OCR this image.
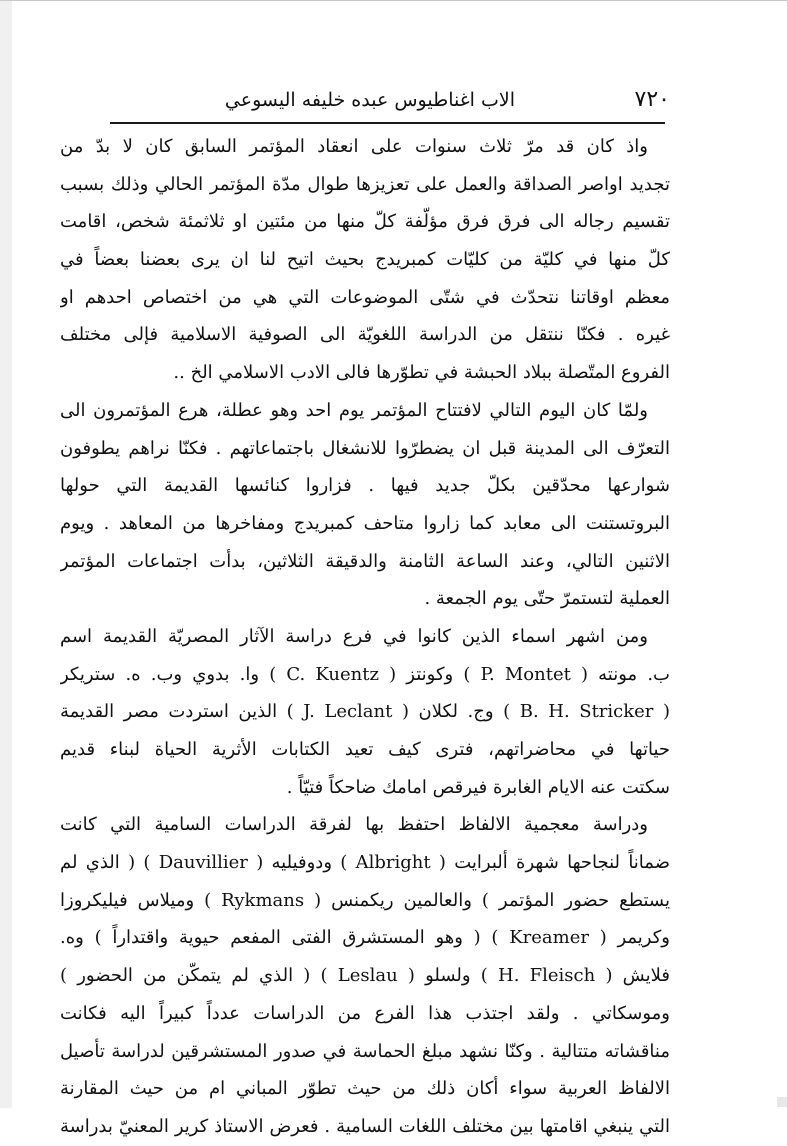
٧٢٠
الاب اغناطيوس عبده خليفه اليسوعي
واذ كان قد مرّ ثلاث سنوات على انعقاد المؤتمر السابق كان لا بدّ من
تجديد اواصر الصداقة والعمل على تعزيزها طوال مدّة المؤتمر الحالي وذلك بسبب
تقسيم رجاله الى فرق فرق مؤلّفة كلّ منها من مئتين او ثلاثمئة شخص، اقامت
كلّ منها في كليّة من كليّات كمبريدج بحيث اتيح لنا ان يرى بعضنا بعضاً في
معظم اوقاتنا نتحدّث في شتّى الموضوعات التي هي من اختصاص احدهم او
غيره . فكنّا ننتقل من الدراسة اللغويّة الى الصوفية الاسلامية فإلى مختلف
الفروع المتّصلة ببلاد الحبشة في تطوّرها فالى الادب الاسلامي الخ ..
ولمّا كان اليوم التالي لافتتاح المؤتمر يوم احد وهو عطلة، هرع المؤتمرون الى
التعرّف الى المدينة قبل ان يضطرّوا للانشغال باجتماعاتهم . فكنّا نراهم يطوفون
شوارعها محدّقين بكلّ جديد فيها . فزاروا كنائسها القديمة التي حولها
البروتستنت الى معابد كما زاروا متاحف كمبريدج ومفاخرها من المعاهد . ويوم
الاثنين التالي، وعند الساعة الثامنة والدقيقة الثلاثين، بدأت اجتماعات المؤتمر
العملية لتستمرّ حتّى يوم الجمعة .
ومن اشهر اسماء الذين كانوا في فرع دراسة الآثار المصريّة القديمة اسم
ب. مونته ( P. Montet ) وكونتز ( C. Kuentz ) وا. بدوي وب. ه. ستريكر
( B. H. Stricker ) وج. لكلان ( J. Leclant ) الذين استردت مصر القديمة
حياتها في محاضراتهم، فترى كيف تعيد الكتابات الأثرية الحياة لبناء قديم
سكتت عنه الايام الغابرة فيرقص امامك ضاحكاً فتيّاً .
ودراسة معجمية الالفاظ احتفظ بها لفرقة الدراسات السامية التي كانت
ضماناً لنجاحها شهرة ألبرايت ( Albright ) ودوفيليه ( Dauvillier ) ( الذي لم
يستطع حضور المؤتمر ) والعالمين ريكمنس ( Rykmans ) وميلاس فيليكروزا
وكريمر ( Kreamer ) ( وهو المستشرق الفتى المفعم حيوية واقتداراً ) وه.
فلايش ( H. Fleisch ) ولسلو ( Leslau ) ( الذي لم يتمكّن من الحضور )
وموسكاتي . ولقد اجتذب هذا الفرع من الدراسات عدداً كبيراً اليه فكانت
مناقشاته متتالية . وكنّا نشهد مبلغ الحماسة في صدور المستشرقين لدراسة تأصيل
الالفاظ العربية سواء أكان ذلك من حيث تطوّر المباني ام من حيث المقارنة
التي ينبغي اقامتها بين مختلف اللغات السامية . فعرض الاستاذ كرير المعنيّ بدراسة
